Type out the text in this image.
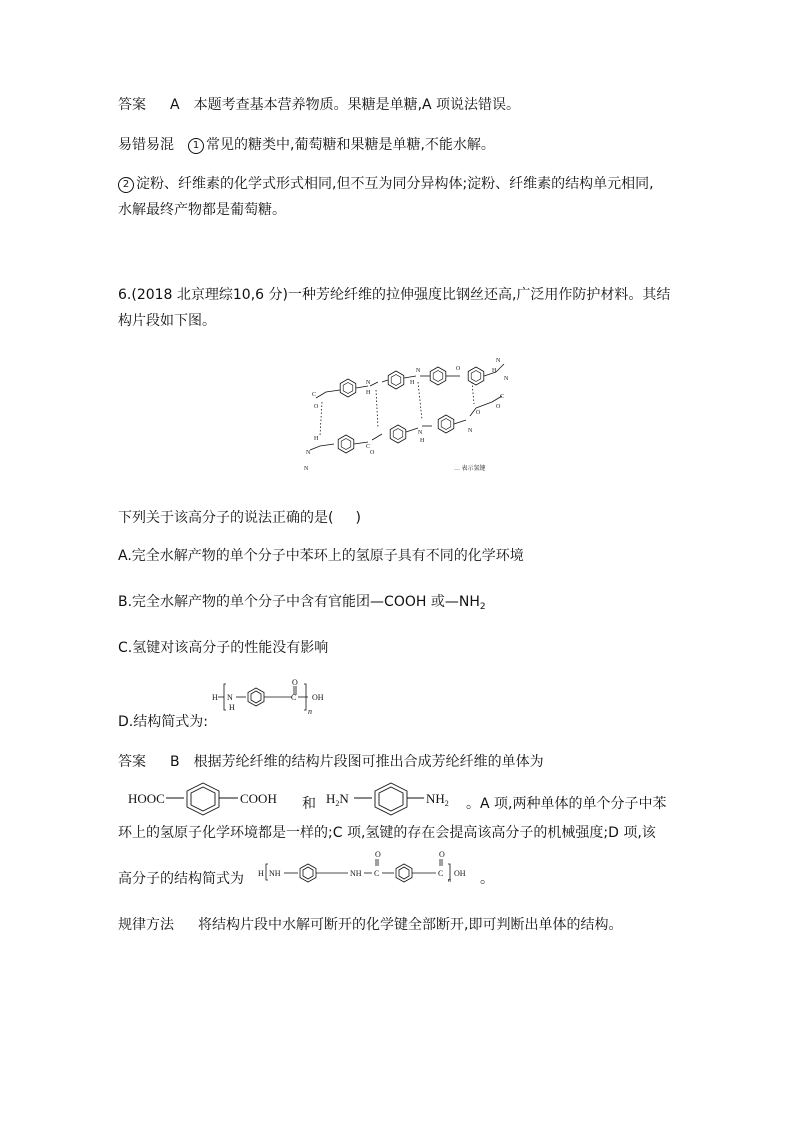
答案 A 本题考查基本营养物质。果糖是单糖,A 项说法错误。
易错易混 1 常见的糖类中,葡萄糖和果糖是单糖,不能水解。
2 淀粉、纤维素的化学式形式相同,但不互为同分异构体;淀粉、纤维素的结构单元相同,
水解最终产物都是葡萄糖。
6.(2018 北京理综10,6 分)一种芳纶纤维的拉伸强度比钢丝还高,广泛用作防护材料。其结
构片段如下图。
C
O
N
H
N
H
O
N
H
N
H
C
O
N
H
N
O
C
O
N
N
… 表示氢键
下列关于该高分子的说法正确的是( )
A.完全水解产物的单个分子中苯环上的氢原子具有不同的化学环境
B.完全水解产物的单个分子中含有官能团—COOH 或$—NH_2$
C.氢键对该高分子的性能没有影响
D.结构简式为:
H N
H
C
O
OH
n
答案 B 根据芳纶纤维的结构片段图可推出合成芳纶纤维的单体为
HOOC	COOH 和 $H_2N$	$NH_2$ 。A 项,两种单体的单个分子中苯
环上的氢原子化学环境都是一样的;C 项,氢键的存在会提高该高分子的机械强度;D 项,该
高分子的结构简式为 H NH	NH C
O
C
O
OH
n 。
规律方法 将结构片段中水解可断开的化学键全部断开,即可判断出单体的结构。
